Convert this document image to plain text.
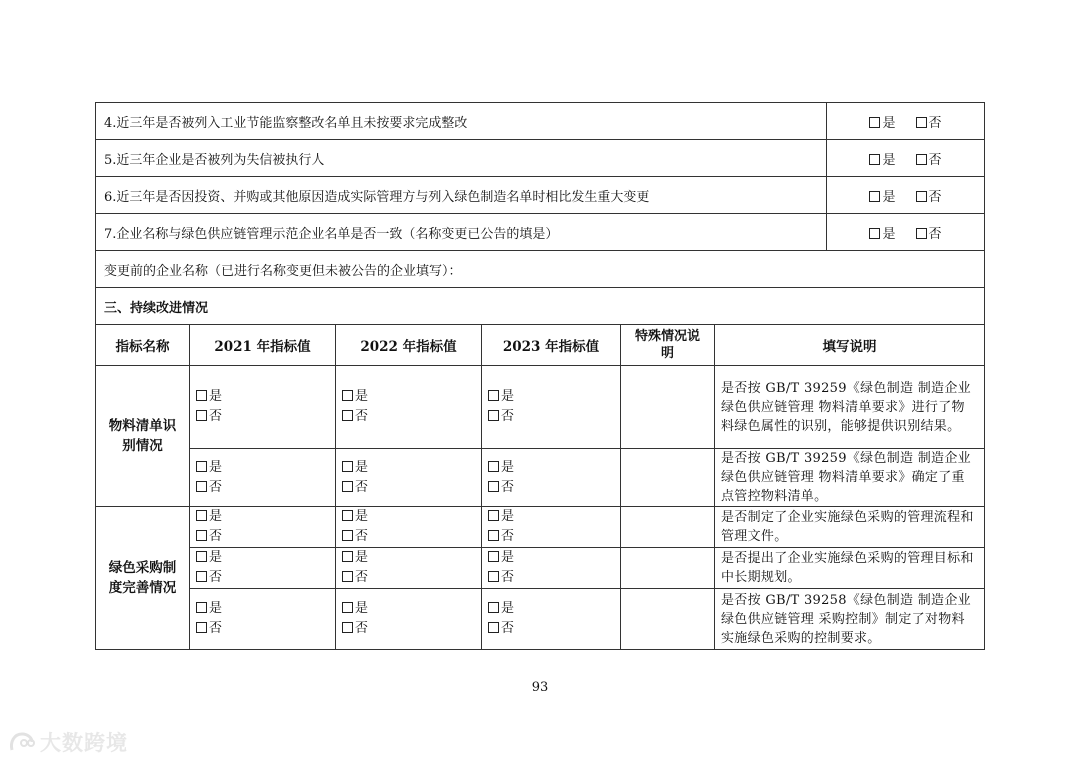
4.近三年是否被列入工业节能监察整改名单且未按要求完成整改	是 否
5.近三年企业是否被列为失信被执行人	是 否
6.近三年是否因投资、并购或其他原因造成实际管理方与列入绿色制造名单时相比发生重大变更	是 否
7.企业名称与绿色供应链管理示范企业名单是否一致（名称变更已公告的填是）	是 否
变更前的企业名称（已进行名称变更但未被公告的企业填写）：	
三、持续改进情况	
指标名称	2021 年指标值	2022 年指标值	2023 年指标值	特殊情况说
明	填写说明
物料清单识别情况	是
否	是
否	是
否		是否按 GB/T 39259《绿色制造 制造企业绿色供应链管理 物料清单要求》进行了物料绿色属性的识别，能够提供识别结果。
	是
否	是
否	是
否		是否按 GB/T 39259《绿色制造 制造企业绿色供应链管理 物料清单要求》确定了重点管控物料清单。
绿色采购制度完善情况	是
否	是
否	是
否		是否制定了企业实施绿色采购的管理流程和管理文件。
	是
否	是
否	是
否		是否提出了企业实施绿色采购的管理目标和中长期规划。
	是
否	是
否	是
否		是否按 GB/T 39258《绿色制造 制造企业绿色供应链管理 采购控制》制定了对物料实施绿色采购的控制要求。
93
大数跨境
